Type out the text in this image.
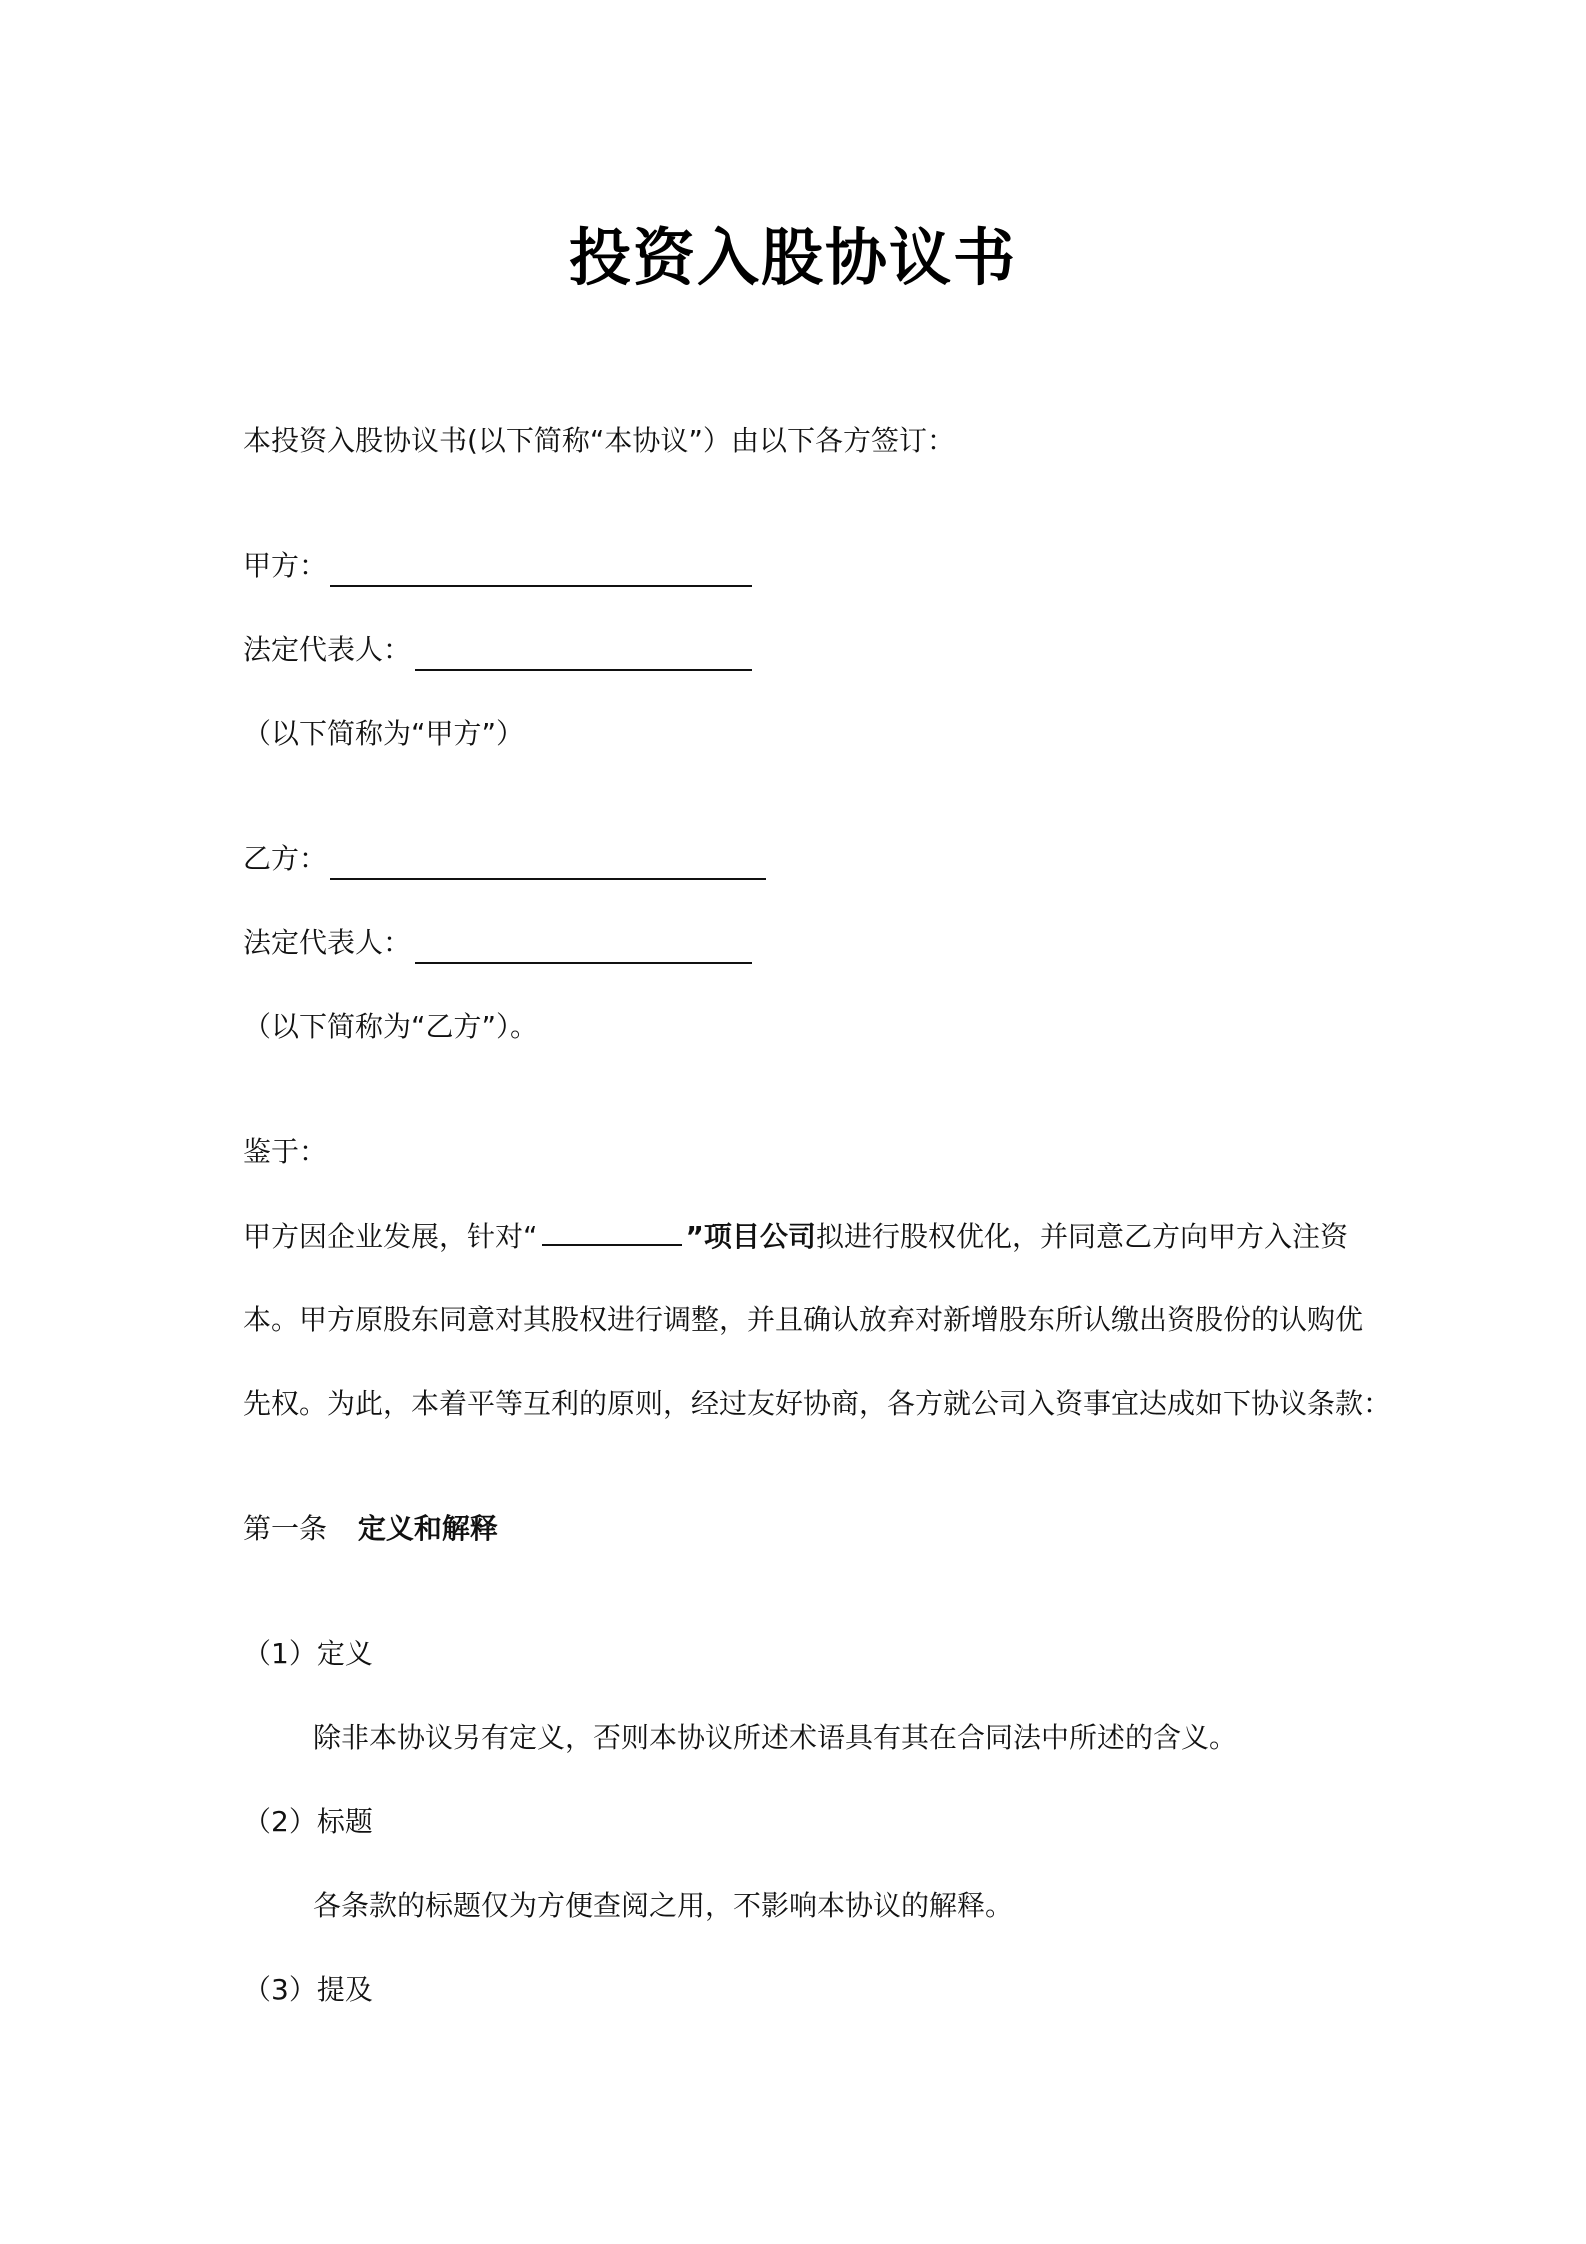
投资入股协议书
本投资入股协议书(以下简称“本协议”）由以下各方签订：
甲方：
法定代表人：
（以下简称为“甲方”）
乙方：
法定代表人：
（以下简称为“乙方”）。
鉴于：
甲方因企业发展，针对“	”项目公司拟进行股权优化，并同意乙方向甲方入注资
本。甲方原股东同意对其股权进行调整，并且确认放弃对新增股东所认缴出资股份的认购优
先权。为此，本着平等互利的原则，经过友好协商，各方就公司入资事宜达成如下协议条款：
第一条 定义和解释
（1）定义
除非本协议另有定义，否则本协议所述术语具有其在合同法中所述的含义。
（2）标题
各条款的标题仅为方便查阅之用，不影响本协议的解释。
（3）提及
